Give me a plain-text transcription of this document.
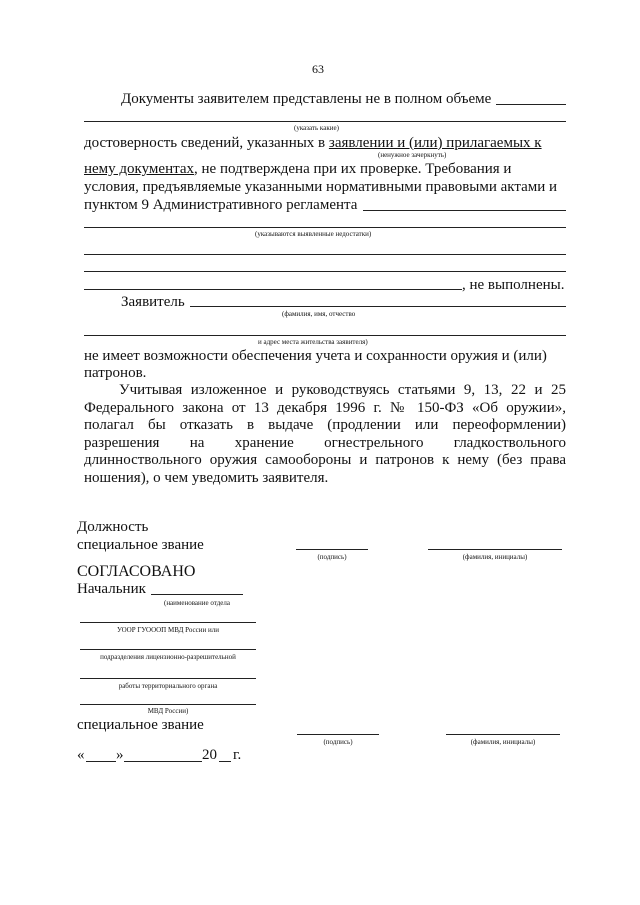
63
Документы заявителем представлены не в полном объеме
(указать какие)
достоверность сведений, указанных в заявлении и (или) прилагаемых к
(ненужное зачеркнуть)
нему документах, не подтверждена при их проверке. Требования и
условия, предъявляемые указанными нормативными правовыми актами и
пунктом 9 Административного регламента
(указываются выявленные недостатки)
, не выполнены.
Заявитель
(фамилия, имя, отчество
и адрес места жительства заявителя)
не имеет возможности обеспечения учета и сохранности оружия и (или)
патронов.
Учитывая изложенное и руководствуясь статьями 9, 13, 22 и 25
Федерального закона от 13 декабря 1996 г. № 150-ФЗ «Об оружии»,
полагал бы отказать в выдаче (продлении или переоформлении)
разрешения на хранение огнестрельного гладкоствольного
длинноствольного оружия самообороны и патронов к нему (без права
ношения), о чем уведомить заявителя.
Должность
специальное звание
(подпись)	(фамилия, инициалы)
СОГЛАСОВАНО
Начальник
(наименование отдела
УООР ГУОООП МВД России или
подразделения лицензионно-разрешительной
работы территориального органа
МВД России)
специальное звание
(подпись)	(фамилия, инициалы)
« »	20 г.
